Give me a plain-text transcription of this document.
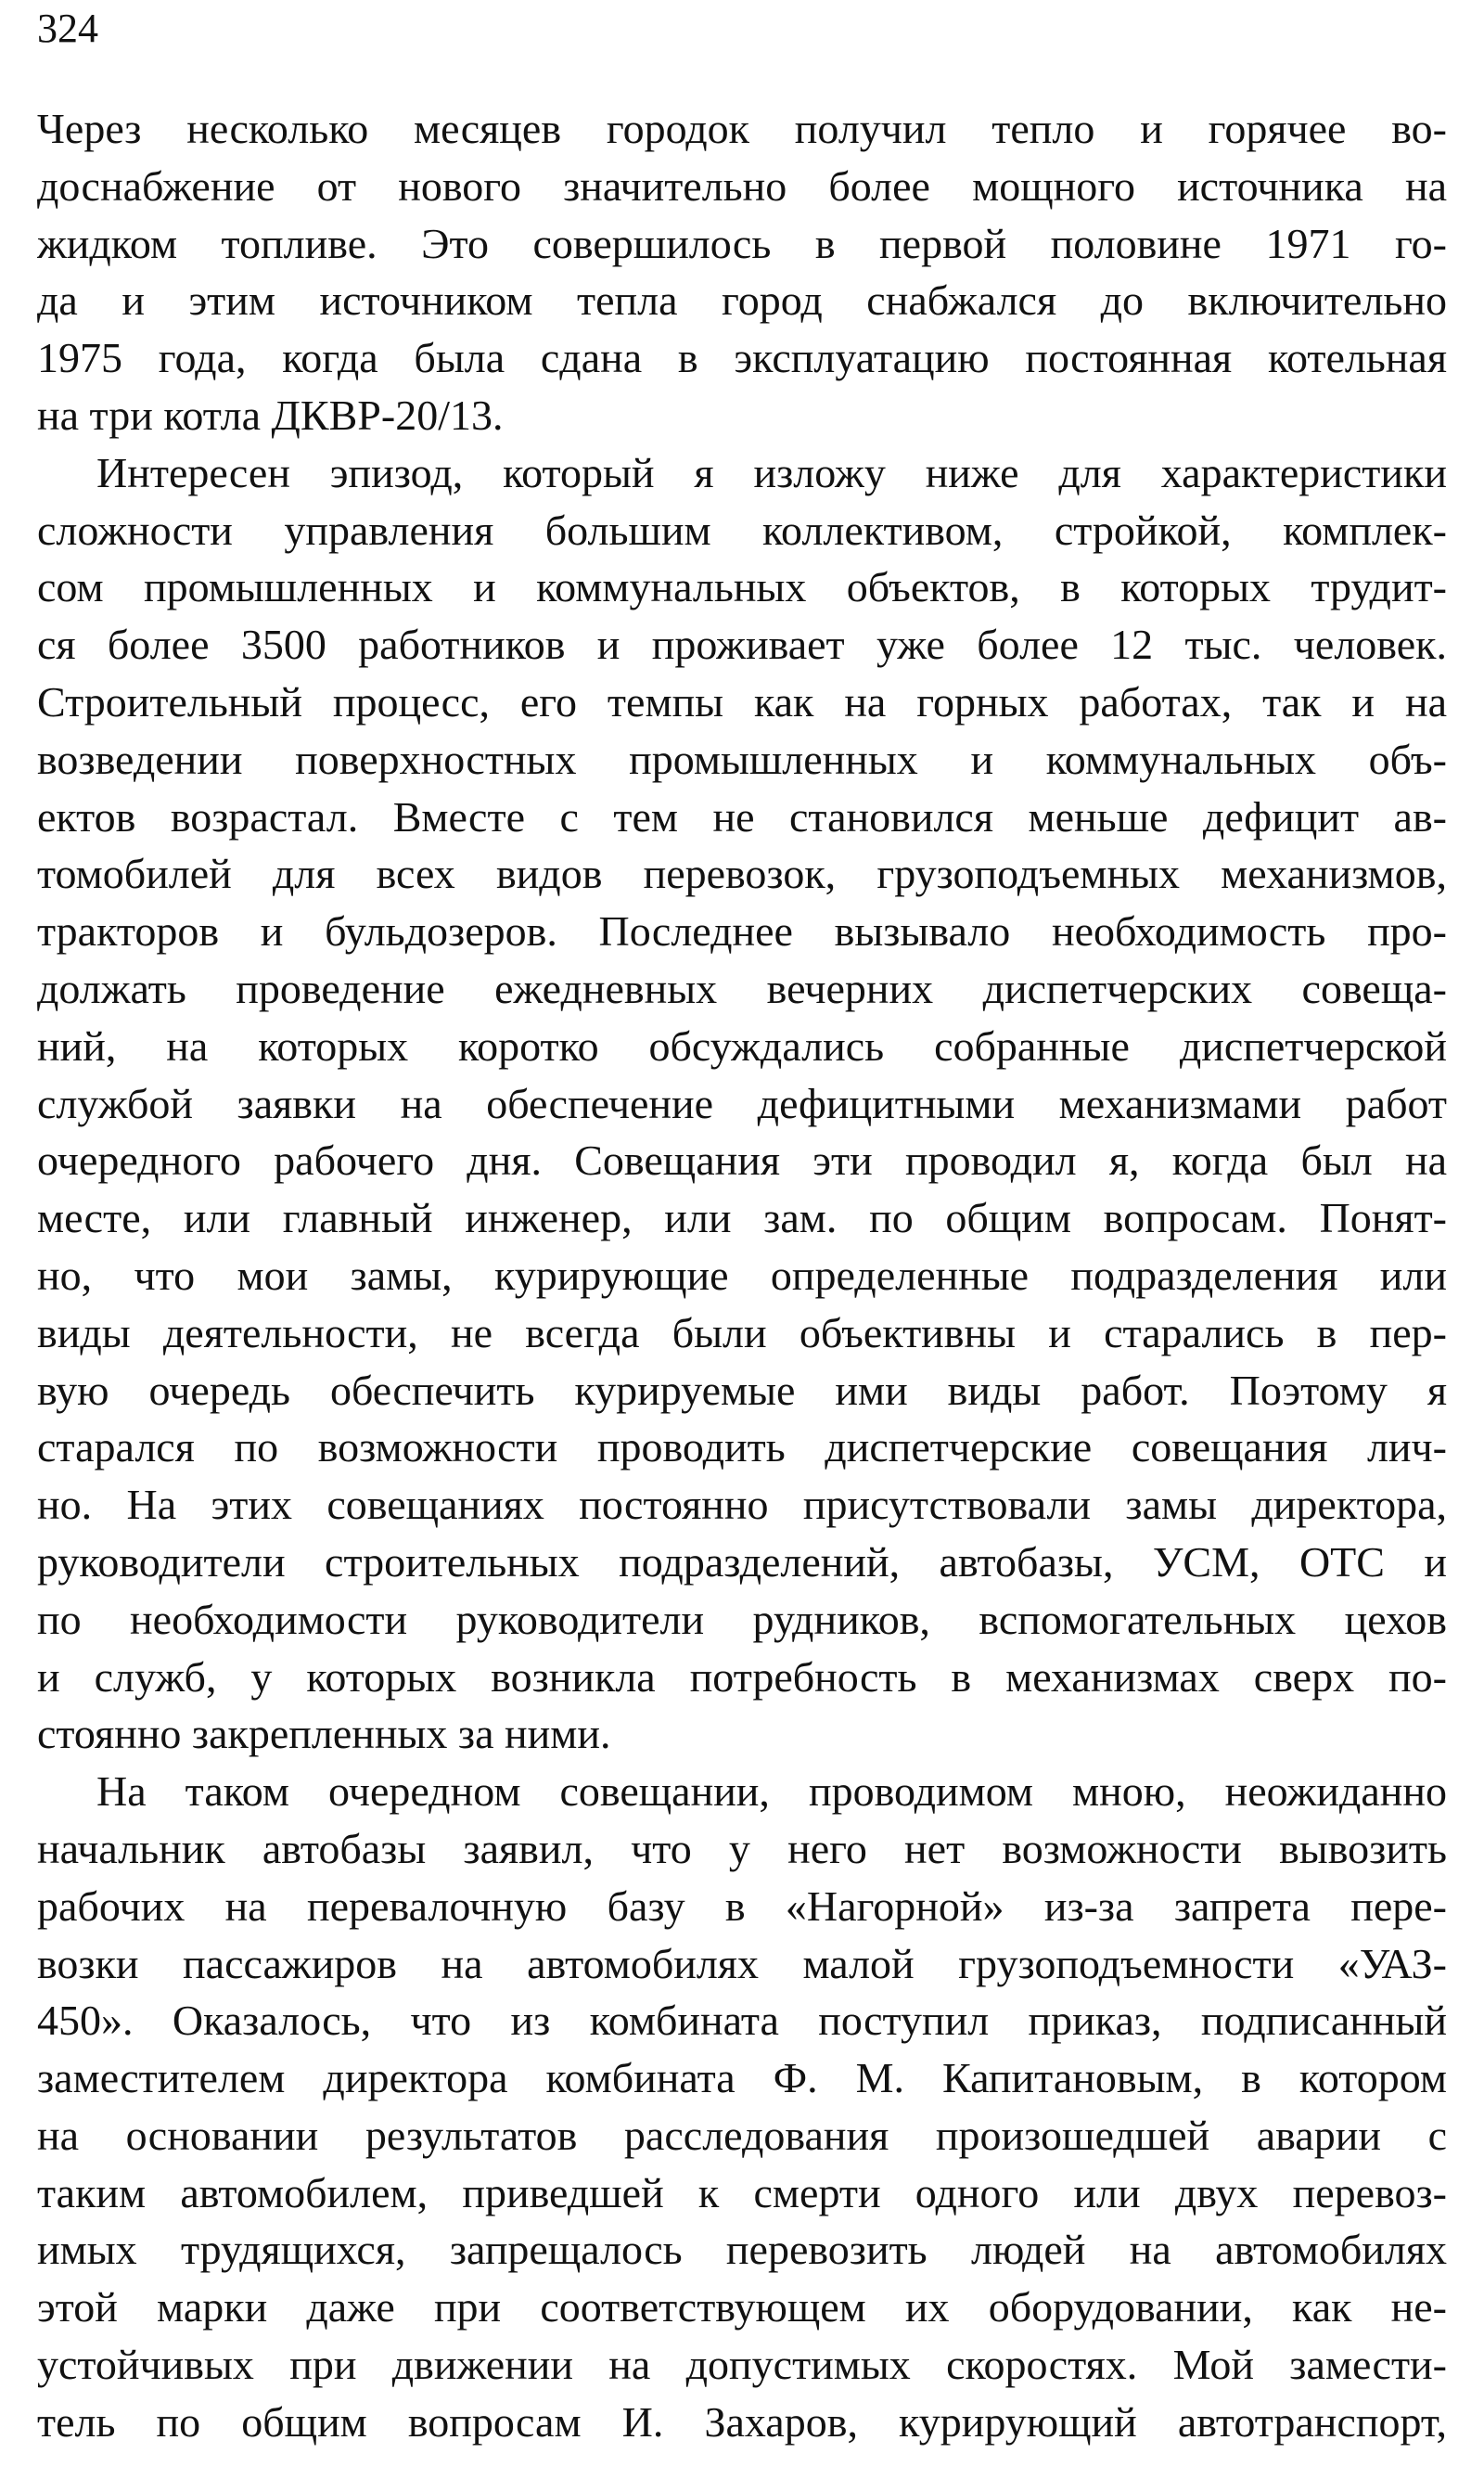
324
Через несколько месяцев городок получил тепло и горячее во-
доснабжение от нового значительно более мощного источника на
жидком топливе. Это совершилось в первой половине 1971 го-
да и этим источником тепла город снабжался до включительно
1975 года, когда была сдана в эксплуатацию постоянная котельная
на три котла ДКВР-20/13.
Интересен эпизод, который я изложу ниже для характеристики
сложности управления большим коллективом, стройкой, комплек-
сом промышленных и коммунальных объектов, в которых трудит-
ся более 3500 работников и проживает уже более 12 тыс. человек.
Строительный процесс, его темпы как на горных работах, так и на
возведении поверхностных промышленных и коммунальных объ-
ектов возрастал. Вместе с тем не становился меньше дефицит ав-
томобилей для всех видов перевозок, грузоподъемных механизмов,
тракторов и бульдозеров. Последнее вызывало необходимость про-
должать проведение ежедневных вечерних диспетчерских совеща-
ний, на которых коротко обсуждались собранные диспетчерской
службой заявки на обеспечение дефицитными механизмами работ
очередного рабочего дня. Совещания эти проводил я, когда был на
месте, или главный инженер, или зам. по общим вопросам. Понят-
но, что мои замы, курирующие определенные подразделения или
виды деятельности, не всегда были объективны и старались в пер-
вую очередь обеспечить курируемые ими виды работ. Поэтому я
старался по возможности проводить диспетчерские совещания лич-
но. На этих совещаниях постоянно присутствовали замы директора,
руководители строительных подразделений, автобазы, УСМ, ОТС и
по необходимости руководители рудников, вспомогательных цехов
и служб, у которых возникла потребность в механизмах сверх по-
стоянно закрепленных за ними.
На таком очередном совещании, проводимом мною, неожиданно
начальник автобазы заявил, что у него нет возможности вывозить
рабочих на перевалочную базу в «Нагорной» из-за запрета пере-
возки пассажиров на автомобилях малой грузоподъемности «УАЗ-
450». Оказалось, что из комбината поступил приказ, подписанный
заместителем директора комбината Ф. М. Капитановым, в котором
на основании результатов расследования произошедшей аварии с
таким автомобилем, приведшей к смерти одного или двух перевоз-
имых трудящихся, запрещалось перевозить людей на автомобилях
этой марки даже при соответствующем их оборудовании, как не-
устойчивых при движении на допустимых скоростях. Мой замести-
тель по общим вопросам И. Захаров, курирующий автотранспорт,
